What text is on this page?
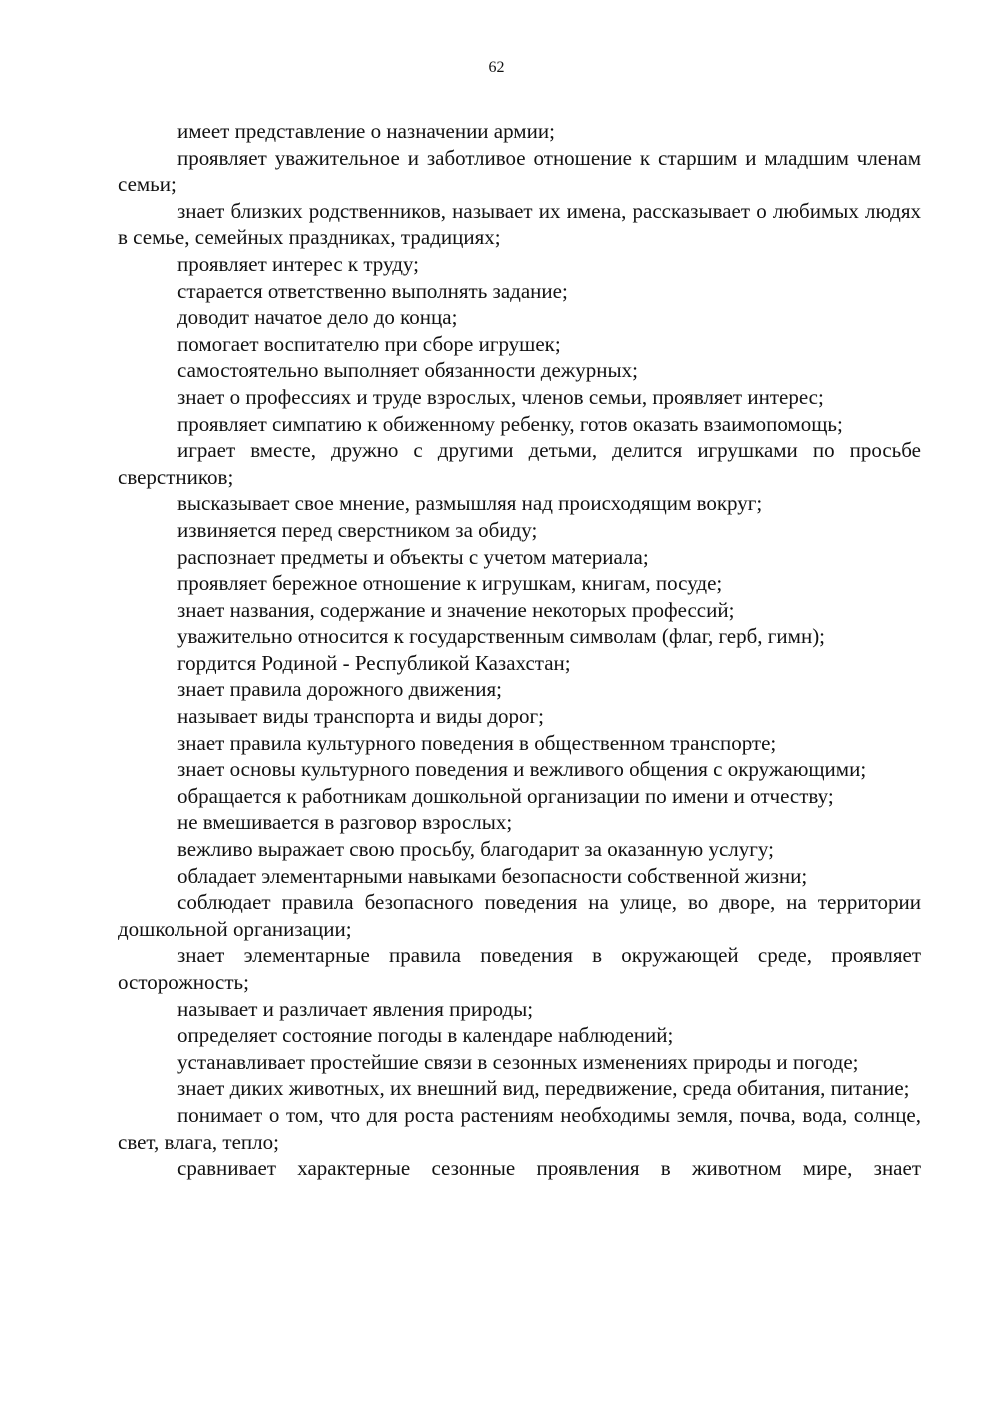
62

имеет представление о назначении армии;

проявляет уважительное и заботливое отношение к старшим и младшим членам семьи;

знает близких родственников, называет их имена, рассказывает о любимых людях в семье, семейных праздниках, традициях;

проявляет интерес к труду;

старается ответственно выполнять задание;

доводит начатое дело до конца;

помогает воспитателю при сборе игрушек;

самостоятельно выполняет обязанности дежурных;

знает о профессиях и труде взрослых, членов семьи, проявляет интерес;

проявляет симпатию к обиженному ребенку, готов оказать взаимопомощь;

играет вместе, дружно с другими детьми, делится игрушками по просьбе сверстников;

высказывает свое мнение, размышляя над происходящим вокруг;

извиняется перед сверстником за обиду;

распознает предметы и объекты с учетом материала;

проявляет бережное отношение к игрушкам, книгам, посуде;

знает названия, содержание и значение некоторых профессий;

уважительно относится к государственным символам (флаг, герб, гимн);

гордится Родиной - Республикой Казахстан;

знает правила дорожного движения;

называет виды транспорта и виды дорог;

знает правила культурного поведения в общественном транспорте;

знает основы культурного поведения и вежливого общения с окружающими;

обращается к работникам дошкольной организации по имени и отчеству;

не вмешивается в разговор взрослых;

вежливо выражает свою просьбу, благодарит за оказанную услугу;

обладает элементарными навыками безопасности собственной жизни;

соблюдает правила безопасного поведения на улице, во дворе, на территории дошкольной организации;

знает элементарные правила поведения в окружающей среде, проявляет осторожность;

называет и различает явления природы;

определяет состояние погоды в календаре наблюдений;

устанавливает простейшие связи в сезонных изменениях природы и погоде;

знает диких животных, их внешний вид, передвижение, среда обитания, питание;

понимает о том, что для роста растениям необходимы земля, почва, вода, солнце, свет, влага, тепло;

сравнивает характерные сезонные проявления в животном мире, знает
